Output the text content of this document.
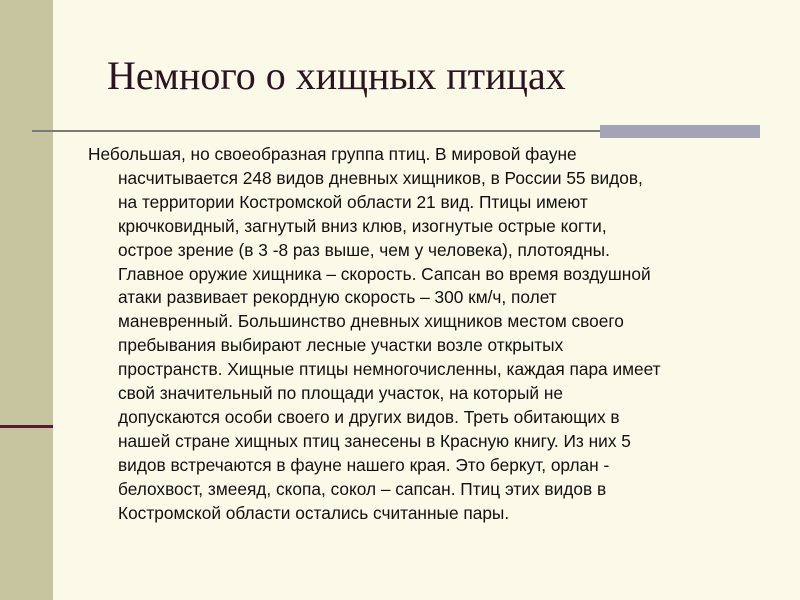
Немного о хищных птицах

Небольшая, но своеобразная группа птиц. В мировой фауне
насчитывается 248 видов дневных хищников, в России 55 видов,
на территории Костромской области 21 вид. Птицы имеют
крючковидный, загнутый вниз клюв, изогнутые острые когти,
острое зрение (в 3 -8 раз выше, чем у человека), плотоядны.
Главное оружие хищника – скорость. Сапсан во время воздушной
атаки развивает рекордную скорость – 300 км/ч, полет
маневренный. Большинство дневных хищников местом своего
пребывания выбирают лесные участки возле открытых
пространств. Хищные птицы немногочисленны, каждая пара имеет
свой значительный по площади участок, на который не
допускаются особи своего и других видов. Треть обитающих в
нашей стране хищных птиц занесены в Красную книгу. Из них 5
видов встречаются в фауне нашего края. Это беркут, орлан -
белохвост, змееяд, скопа, сокол – сапсан. Птиц этих видов в
Костромской области остались считанные пары.
